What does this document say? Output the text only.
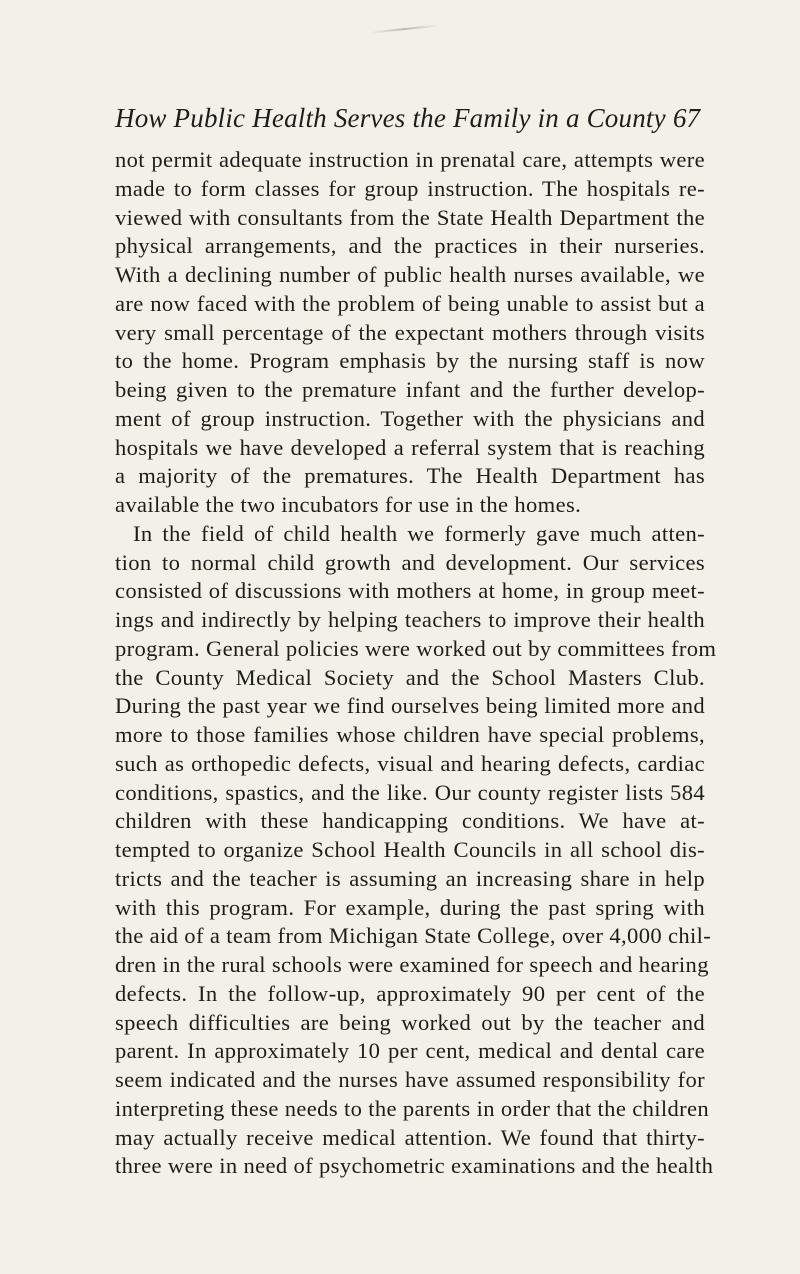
How Public Health Serves the Family in a County 67
not permit adequate instruction in prenatal care, attempts were
made to form classes for group instruction. The hospitals re-
viewed with consultants from the State Health Department the
physical arrangements, and the practices in their nurseries.
With a declining number of public health nurses available, we
are now faced with the problem of being unable to assist but a
very small percentage of the expectant mothers through visits
to the home. Program emphasis by the nursing staff is now
being given to the premature infant and the further develop-
ment of group instruction. Together with the physicians and
hospitals we have developed a referral system that is reaching
a majority of the prematures. The Health Department has
available the two incubators for use in the homes.
In the field of child health we formerly gave much atten-
tion to normal child growth and development. Our services
consisted of discussions with mothers at home, in group meet-
ings and indirectly by helping teachers to improve their health
program. General policies were worked out by committees from
the County Medical Society and the School Masters Club.
During the past year we find ourselves being limited more and
more to those families whose children have special problems,
such as orthopedic defects, visual and hearing defects, cardiac
conditions, spastics, and the like. Our county register lists 584
children with these handicapping conditions. We have at-
tempted to organize School Health Councils in all school dis-
tricts and the teacher is assuming an increasing share in help
with this program. For example, during the past spring with
the aid of a team from Michigan State College, over 4,000 chil-
dren in the rural schools were examined for speech and hearing
defects. In the follow-up, approximately 90 per cent of the
speech difficulties are being worked out by the teacher and
parent. In approximately 10 per cent, medical and dental care
seem indicated and the nurses have assumed responsibility for
interpreting these needs to the parents in order that the children
may actually receive medical attention. We found that thirty-
three were in need of psychometric examinations and the health
